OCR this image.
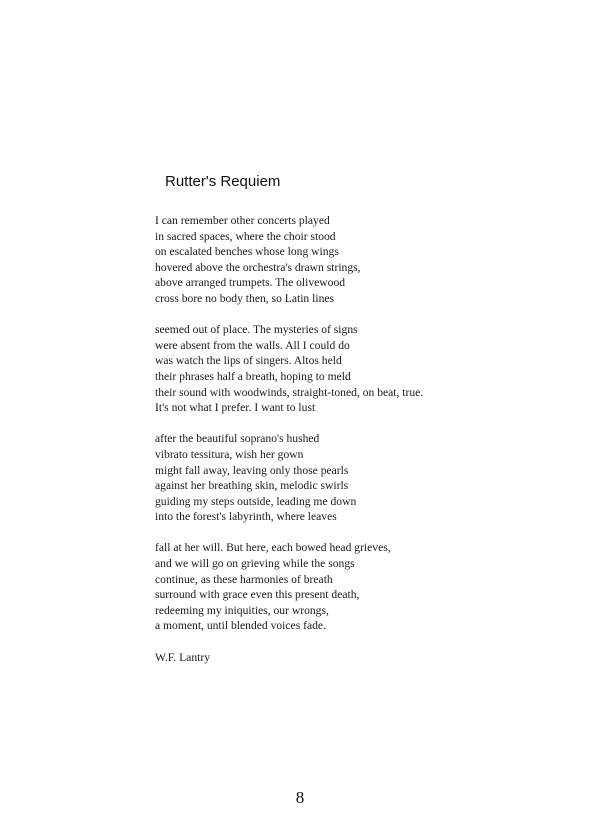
Rutter's Requiem
I can remember other concerts played
in sacred spaces, where the choir stood
on escalated benches whose long wings
hovered above the orchestra's drawn strings,
above arranged trumpets. The olivewood
cross bore no body then, so Latin lines
seemed out of place. The mysteries of signs
were absent from the walls. All I could do
was watch the lips of singers. Altos held
their phrases half a breath, hoping to meld
their sound with woodwinds, straight-toned, on beat, true.
It's not what I prefer. I want to lust
after the beautiful soprano's hushed
vibrato tessitura, wish her gown
might fall away, leaving only those pearls
against her breathing skin, melodic swirls
guiding my steps outside, leading me down
into the forest's labyrinth, where leaves
fall at her will. But here, each bowed head grieves,
and we will go on grieving while the songs
continue, as these harmonies of breath
surround with grace even this present death,
redeeming my iniquities, our wrongs,
a moment, until blended voices fade.
W.F. Lantry
8
